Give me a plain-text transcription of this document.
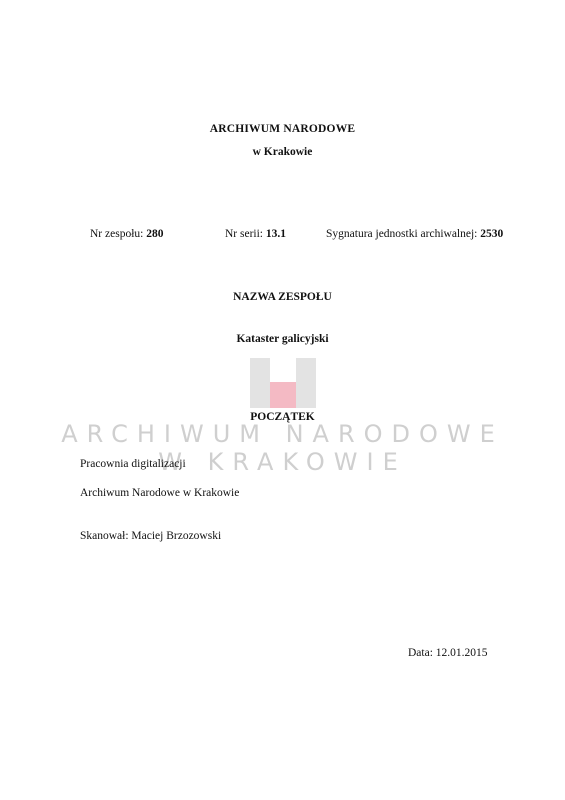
ARCHIWUM NARODOWE
w Krakowie
Nr zespołu: 280	Nr serii: 13.1	Sygnatura jednostki archiwalnej: 2530
NAZWA ZESPOŁU
Kataster galicyjski
ARCHIWUM NARODOWE
W KRAKOWIE
POCZĄTEK
Pracownia digitalizacji
Archiwum Narodowe w Krakowie
Skanował: Maciej Brzozowski
Data: 12.01.2015
